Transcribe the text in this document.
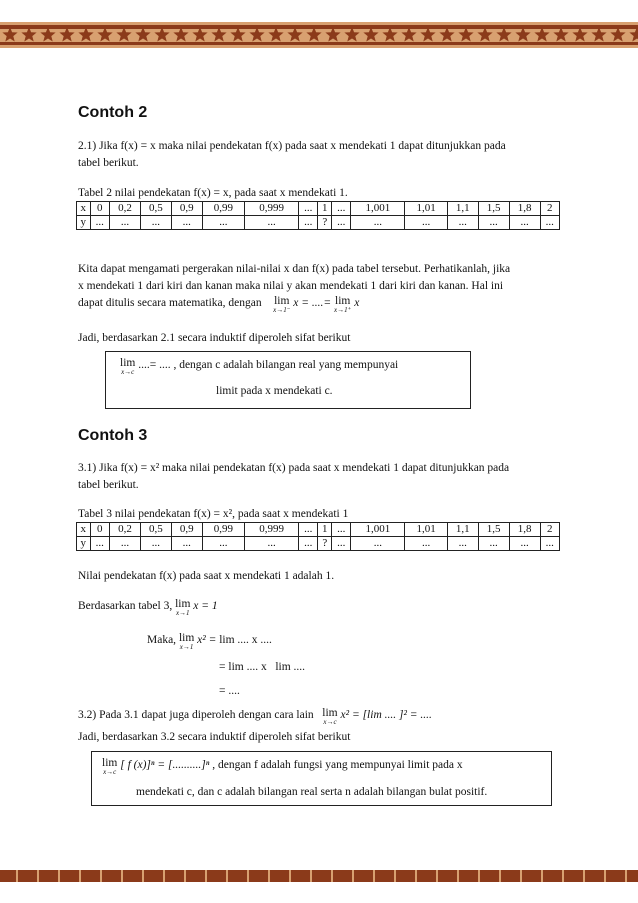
Contoh 2
2.1) Jika f(x) = x maka nilai pendekatan f(x) pada saat x mendekati 1 dapat ditunjukkan pada
tabel berikut.
Tabel 2 nilai pendekatan f(x) = x, pada saat x mendekati 1.
x	0	0,2	0,5	0,9	0,99	0,999	...	1	...	1,001	1,01	1,1	1,5	1,8	2
y	...	...	...	...	...	...	...	?	...	...	...	...	...	...	...
Kita dapat mengamati pergerakan nilai-nilai x dan f(x) pada tabel tersebut. Perhatikanlah, jika
x mendekati 1 dari kiri dan kanan maka nilai y akan mendekati 1 dari kiri dan kanan. Hal ini
dapat ditulis secara matematika, dengan lim
x→1⁻
x = ....= lim
x→1⁺
x
Jadi, berdasarkan 2.1 secara induktif diperoleh sifat berikut
lim
x→c
....= .... , dengan c adalah bilangan real yang mempunyai
limit pada x mendekati c.
Contoh 3
3.1) Jika f(x) = x² maka nilai pendekatan f(x) pada saat x mendekati 1 dapat ditunjukkan pada
tabel berikut.
Tabel 3 nilai pendekatan f(x) = x², pada saat x mendekati 1
x	0	0,2	0,5	0,9	0,99	0,999	...	1	...	1,001	1,01	1,1	1,5	1,8	2
y	...	...	...	...	...	...	...	?	...	...	...	...	...	...	...
Nilai pendekatan f(x) pada saat x mendekati 1 adalah 1.
Berdasarkan tabel 3, lim
x→1
x = 1
Maka, lim
x→1
x² = lim .... x ....
= lim .... x lim ....
= ....
3.2) Pada 3.1 dapat juga diperoleh dengan cara lain lim
x→c
x² = [lim .... ]² = ....
Jadi, berdasarkan 3.2 secara induktif diperoleh sifat berikut
lim
x→c
[ f (x)]ⁿ = [..........]ⁿ , dengan f adalah fungsi yang mempunyai limit pada x
mendekati c, dan c adalah bilangan real serta n adalah bilangan bulat positif.
